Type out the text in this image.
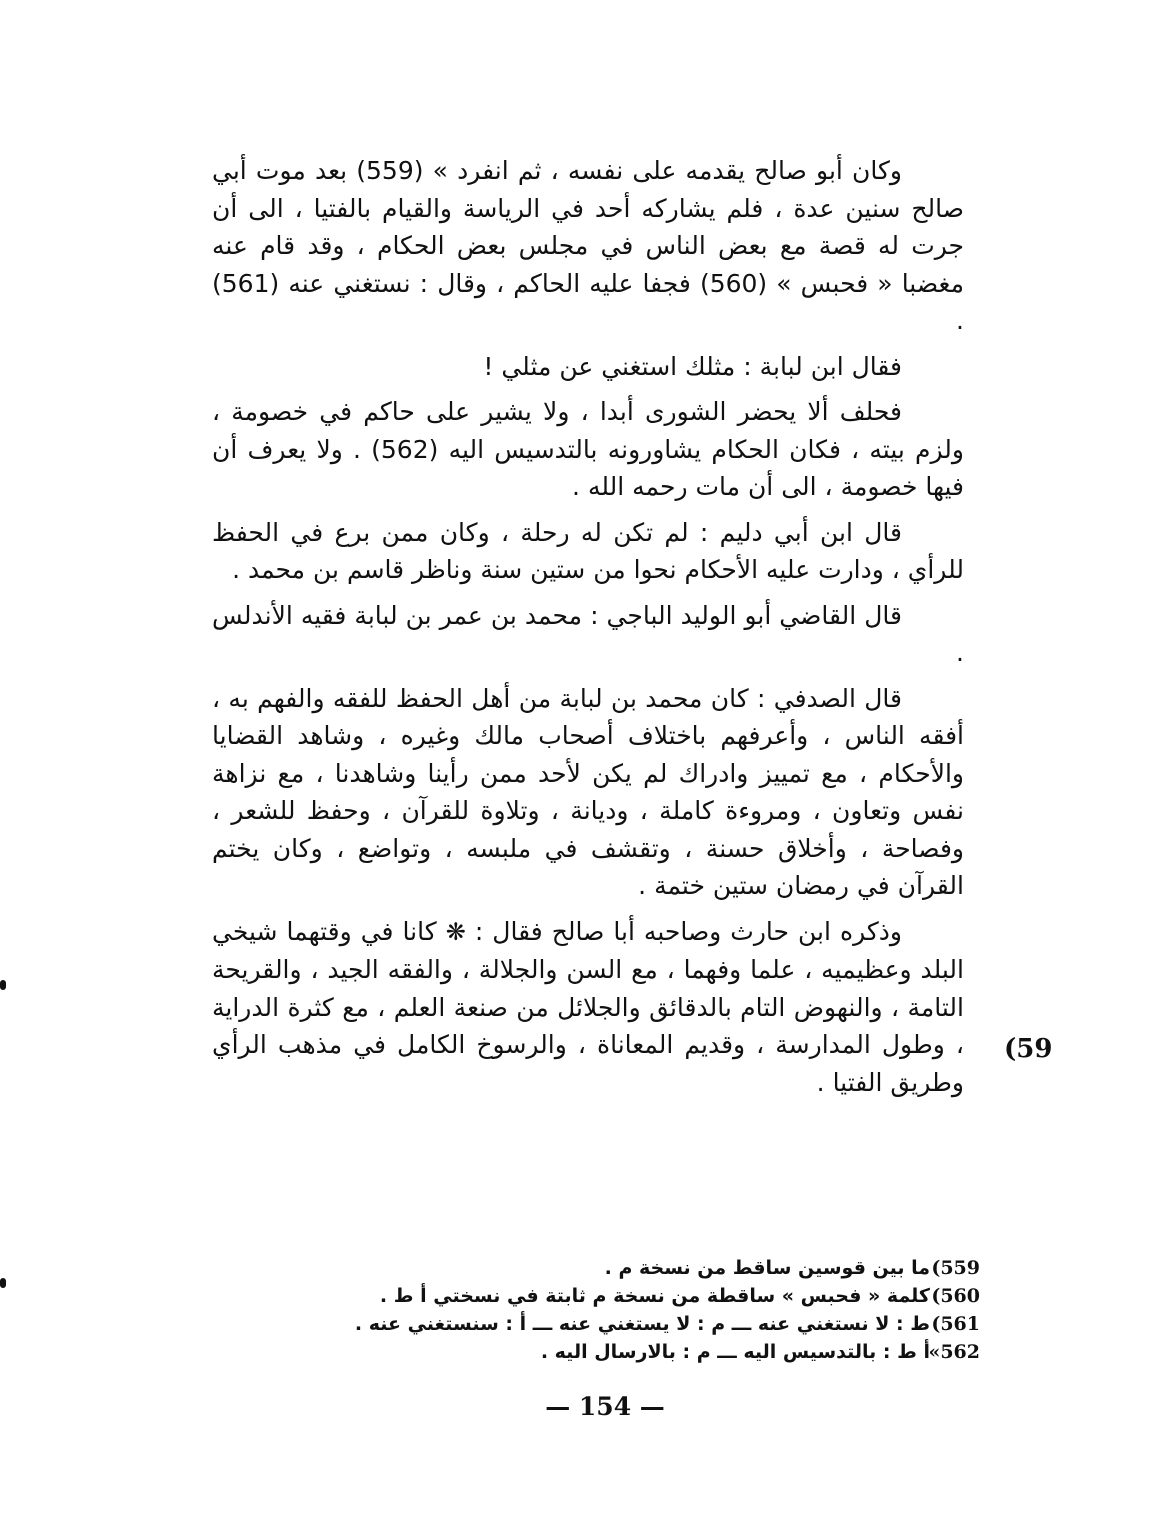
وكان أبو صالح يقدمه على نفسه ، ثم انفرد » (559) بعد موت أبي صالح سنين عدة ، فلم يشاركه أحد في الرياسة والقيام بالفتيا ، الى أن جرت له قصة مع بعض الناس في مجلس بعض الحكام ، وقد قام عنه مغضبا « فحبس » (560) فجفا عليه الحاكم ، وقال : نستغني عنه (561) .

فقال ابن لبابة : مثلك استغني عن مثلي !

فحلف ألا يحضر الشورى أبدا ، ولا يشير على حاكم في خصومة ، ولزم بيته ، فكان الحكام يشاورونه بالتدسيس اليه (562) . ولا يعرف أن فيها خصومة ، الى أن مات رحمه الله .

قال ابن أبي دليم : لم تكن له رحلة ، وكان ممن برع في الحفظ للرأي ، ودارت عليه الأحكام نحوا من ستين سنة وناظر قاسم بن محمد .

قال القاضي أبو الوليد الباجي : محمد بن عمر بن لبابة فقيه الأندلس .

قال الصدفي : كان محمد بن لبابة من أهل الحفظ للفقه والفهم به ، أفقه الناس ، وأعرفهم باختلاف أصحاب مالك وغيره ، وشاهد القضايا والأحكام ، مع تمييز وادراك لم يكن لأحد ممن رأينا وشاهدنا ، مع نزاهة نفس وتعاون ، ومروءة كاملة ، وديانة ، وتلاوة للقرآن ، وحفظ للشعر ، وفصاحة ، وأخلاق حسنة ، وتقشف في ملبسه ، وتواضع ، وكان يختم القرآن في رمضان ستين ختمة .

وذكره ابن حارث وصاحبه أبا صالح فقال : ❋ كانا في وقتهما شيخي البلد وعظيميه ، علما وفهما ، مع السن والجلالة ، والفقه الجيد ، والقريحة التامة ، والنهوض التام بالدقائق والجلائل من صنعة العلم ، مع كثرة الدراية ، وطول المدارسة ، وقديم المعاناة ، والرسوخ الكامل في مذهب الرأي وطريق الفتيا .

(59
559)
ما بين قوسين ساقط من نسخة م .
560)
كلمة « فحبس » ساقطة من نسخة م ثابتة في نسختي أ ط .
561)
ط : لا نستغني عنه ـــ م : لا يستغني عنه ـــ أ : سنستغني عنه .
562»
أ ط : بالتدسيس اليه ـــ م : بالارسال اليه .
— 154 —
